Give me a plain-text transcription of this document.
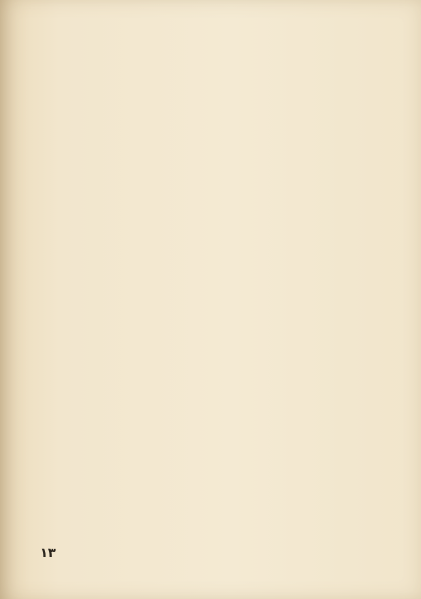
١٣
